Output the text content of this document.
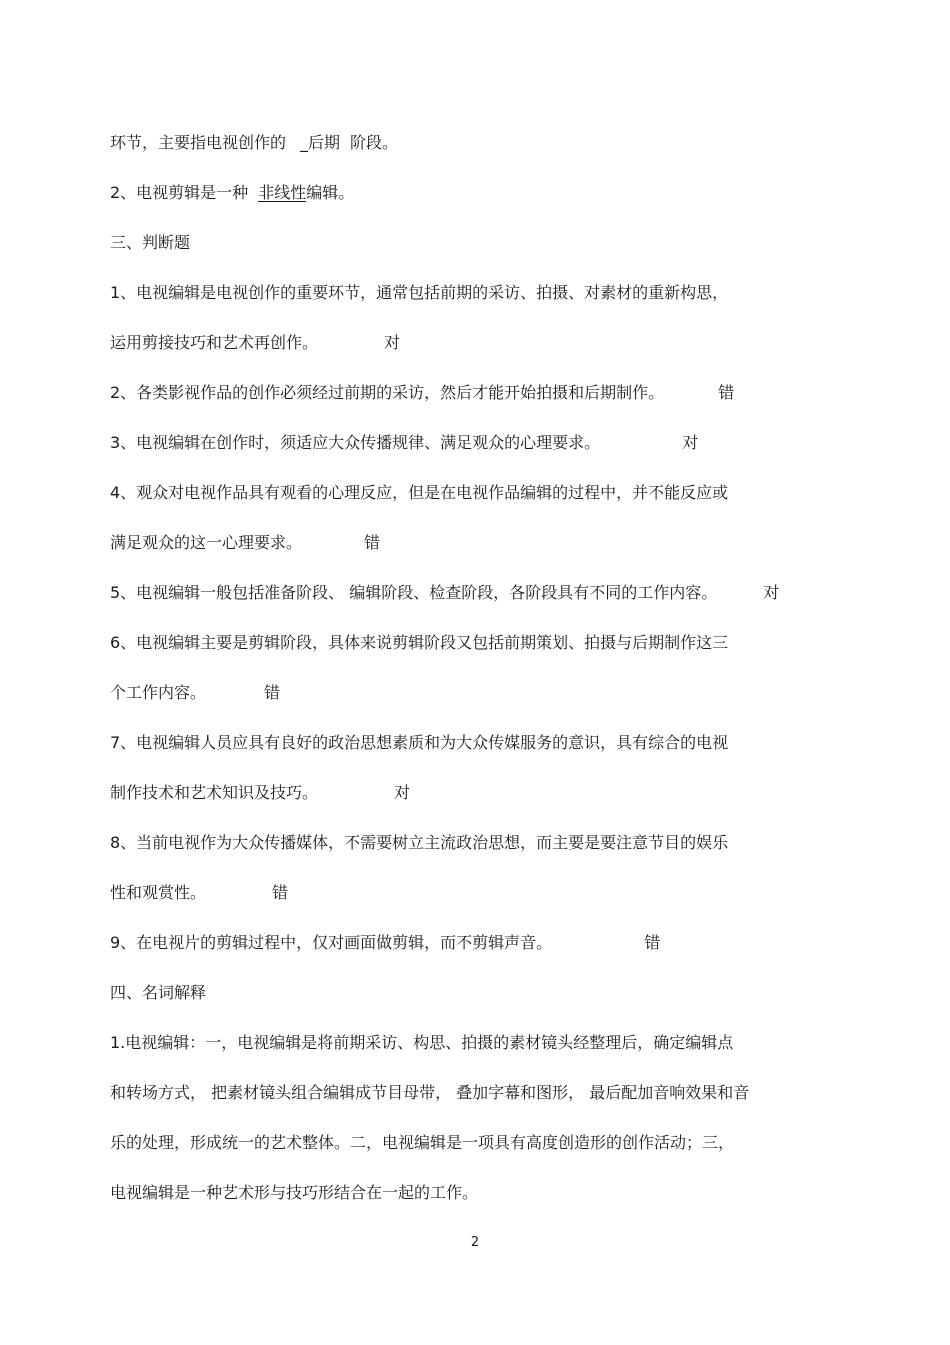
环节，主要指电视创作的 _后期 阶段。
2、电视剪辑是一种 非线性编辑。
三、判断题
1、电视编辑是电视创作的重要环节，通常包括前期的采访、拍摄、对素材的重新构思，
运用剪接技巧和艺术再创作。	对
2、各类影视作品的创作必须经过前期的采访，然后才能开始拍摄和后期制作。	错
3、电视编辑在创作时，须适应大众传播规律、满足观众的心理要求。	对
4、观众对电视作品具有观看的心理反应，但是在电视作品编辑的过程中，并不能反应或
满足观众的这一心理要求。	错
5、电视编辑一般包括准备阶段、 编辑阶段、检查阶段，各阶段具有不同的工作内容。	对
6、电视编辑主要是剪辑阶段，具体来说剪辑阶段又包括前期策划、拍摄与后期制作这三
个工作内容。	错
7、电视编辑人员应具有良好的政治思想素质和为大众传媒服务的意识，具有综合的电视
制作技术和艺术知识及技巧。	对
8、当前电视作为大众传播媒体，不需要树立主流政治思想，而主要是要注意节目的娱乐
性和观赏性。	错
9、在电视片的剪辑过程中，仅对画面做剪辑，而不剪辑声音。	错
四、名词解释
1.电视编辑：一，电视编辑是将前期采访、构思、拍摄的素材镜头经整理后，确定编辑点
和转场方式， 把素材镜头组合编辑成节目母带， 叠加字幕和图形， 最后配加音响效果和音
乐的处理，形成统一的艺术整体。二，电视编辑是一项具有高度创造形的创作活动；三，
电视编辑是一种艺术形与技巧形结合在一起的工作。
2
